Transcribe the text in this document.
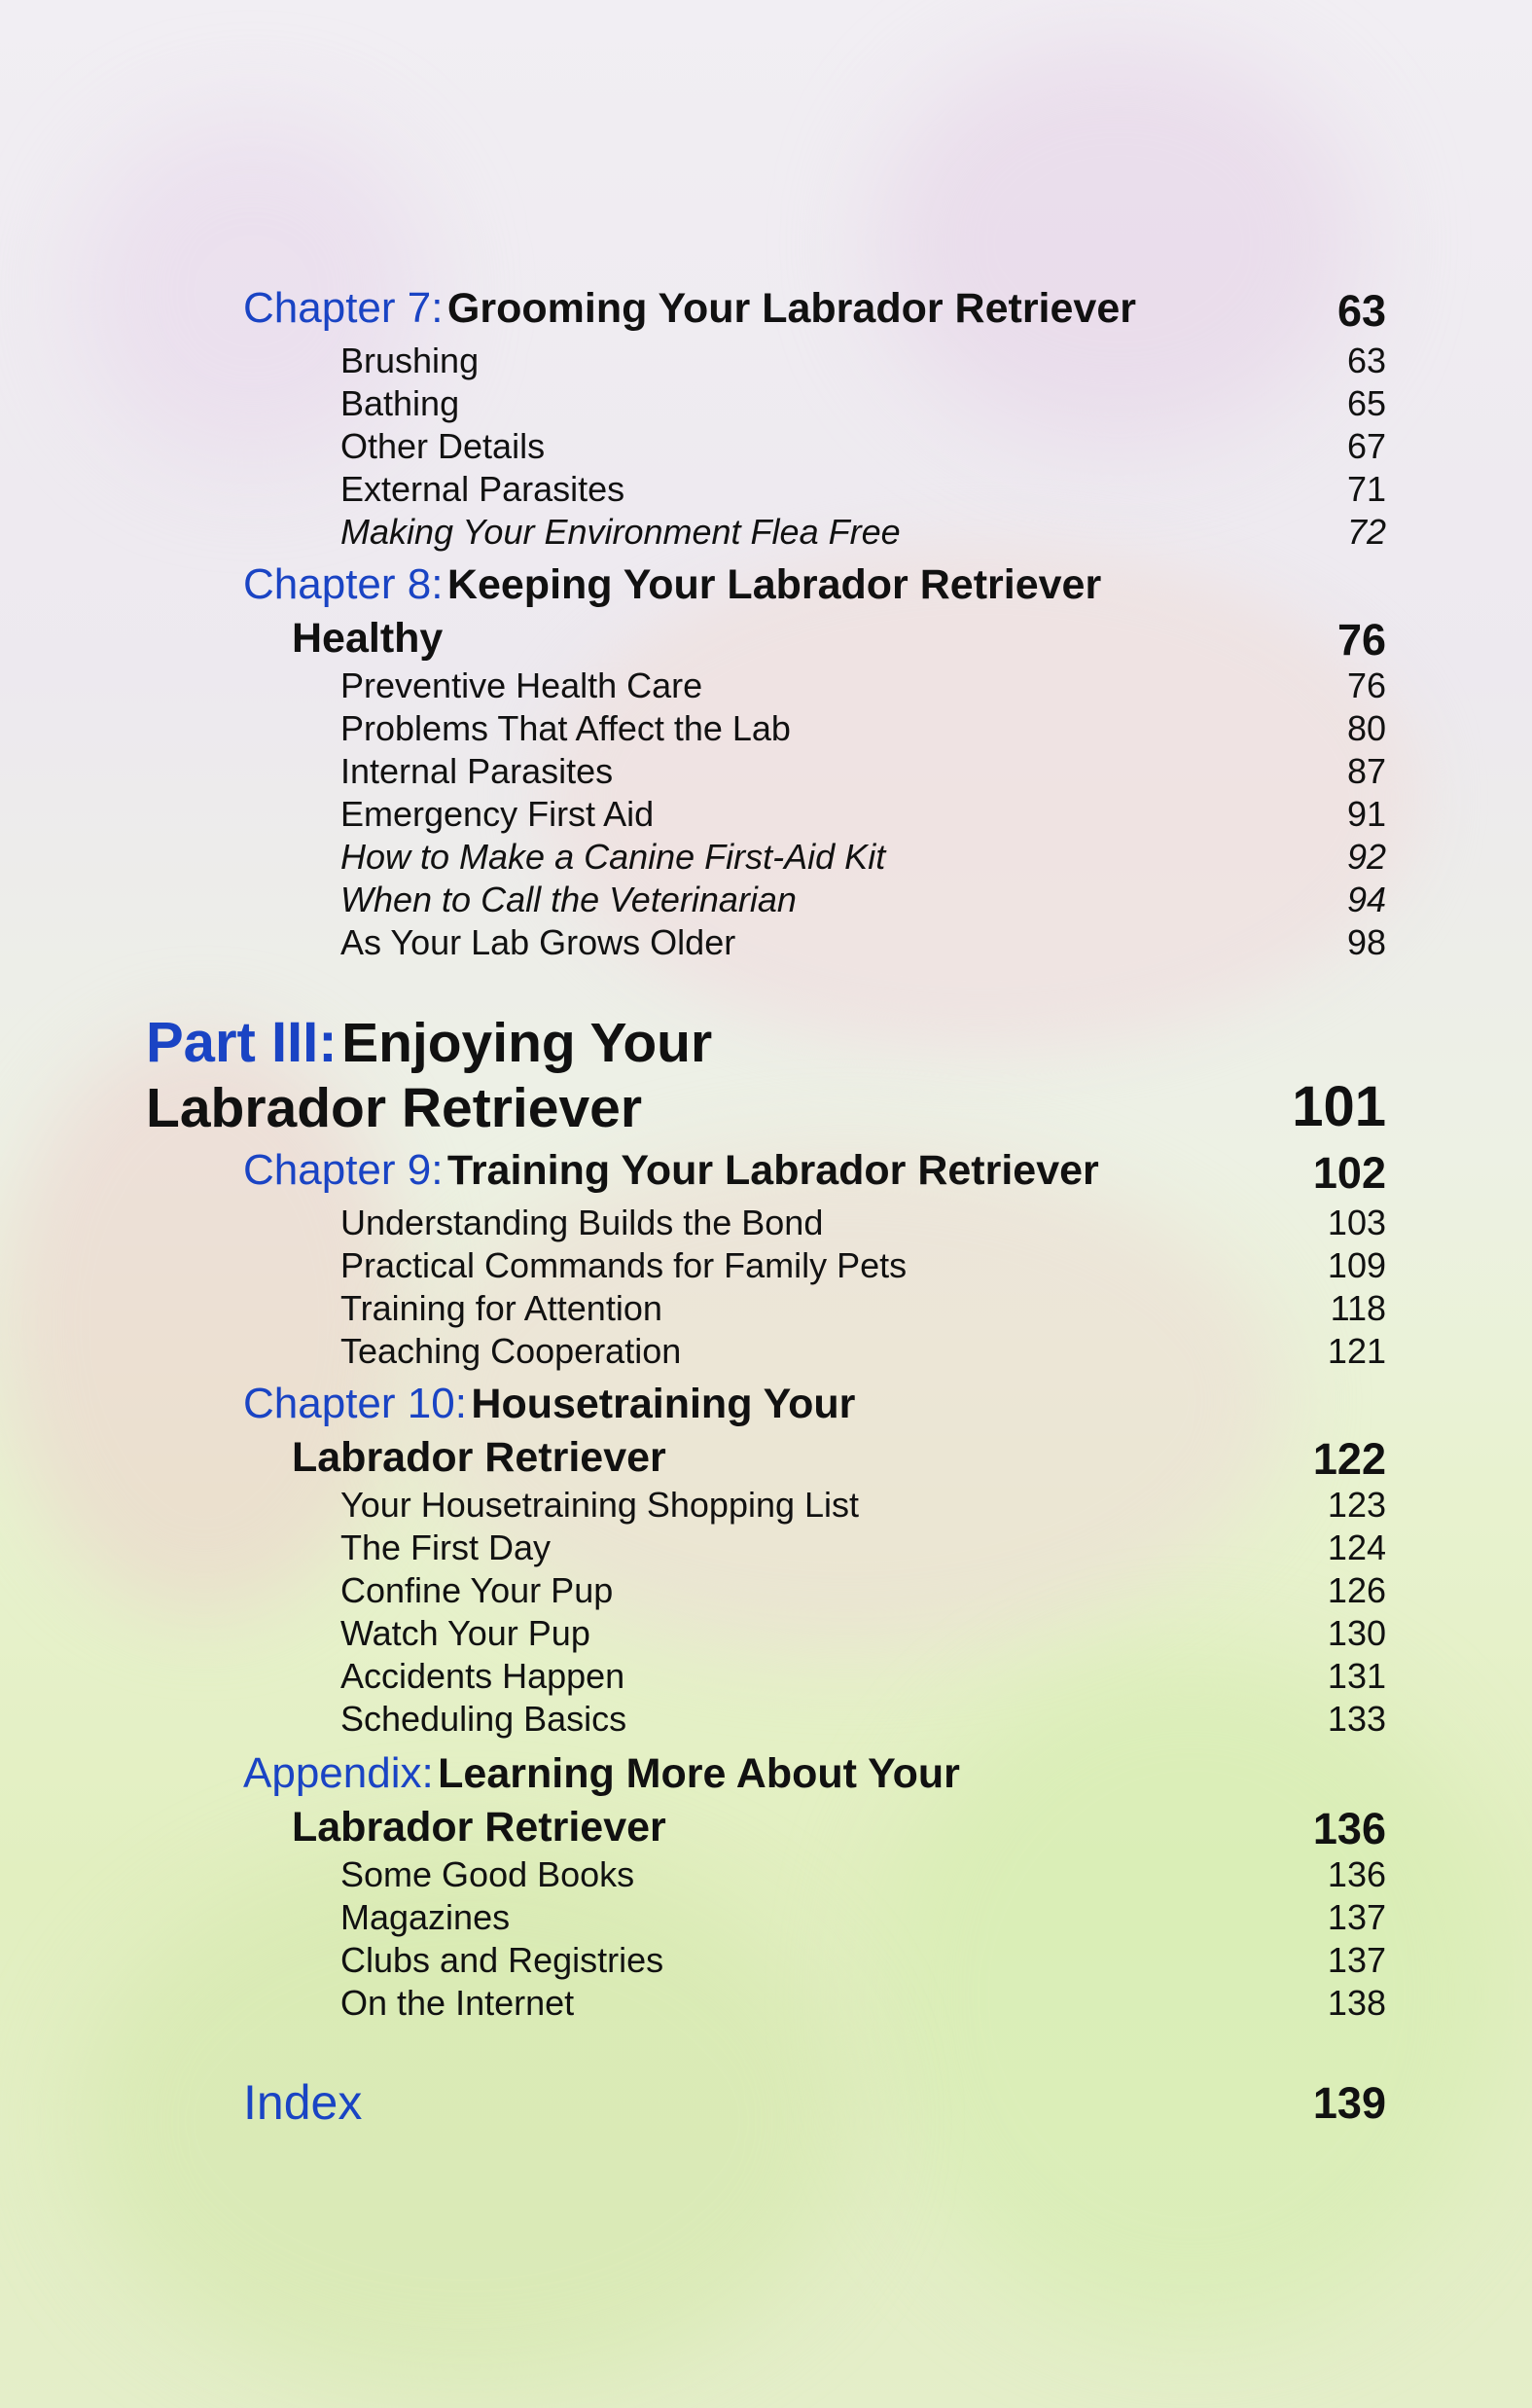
Chapter 7: Grooming Your Labrador Retriever	63
Brushing	63
Bathing	65
Other Details	67
External Parasites	71
Making Your Environment Flea Free	72
Chapter 8: Keeping Your Labrador Retriever
Healthy	76
Preventive Health Care	76
Problems That Affect the Lab	80
Internal Parasites	87
Emergency First Aid	91
How to Make a Canine First-Aid Kit	92
When to Call the Veterinarian	94
As Your Lab Grows Older	98
Part III: Enjoying Your
Labrador Retriever	101
Chapter 9: Training Your Labrador Retriever	102
Understanding Builds the Bond	103
Practical Commands for Family Pets	109
Training for Attention	118
Teaching Cooperation	121
Chapter 10: Housetraining Your
Labrador Retriever	122
Your Housetraining Shopping List	123
The First Day	124
Confine Your Pup	126
Watch Your Pup	130
Accidents Happen	131
Scheduling Basics	133
Appendix: Learning More About Your
Labrador Retriever	136
Some Good Books	136
Magazines	137
Clubs and Registries	137
On the Internet	138
Index	139
